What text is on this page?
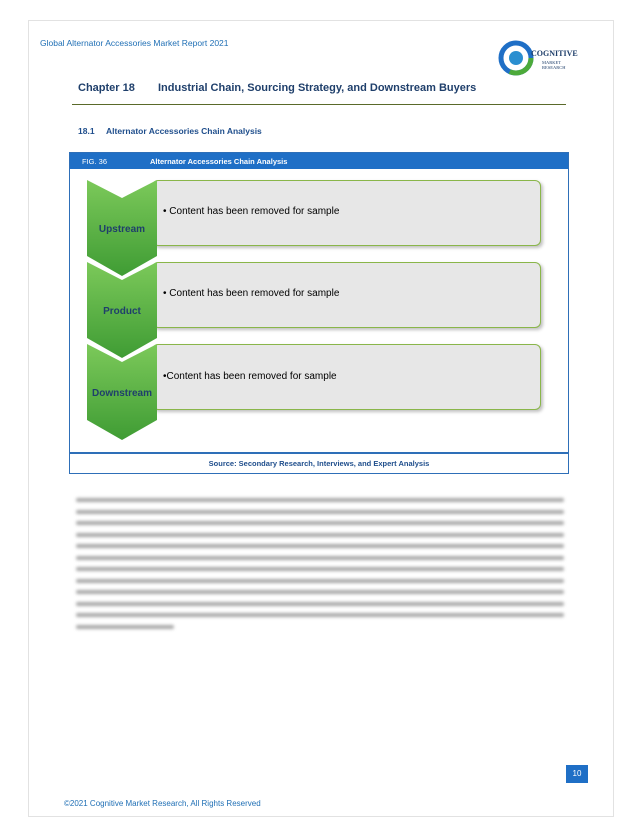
Global Alternator Accessories Market Report 2021
COGNITIVE
MARKET
RESEARCH
Chapter 18 Industrial Chain, Sourcing Strategy, and Downstream Buyers
18.1 Alternator Accessories Chain Analysis
FIG. 36	Alternator Accessories Chain Analysis
• Content has been removed for sample
Upstream
• Content has been removed for sample
Product
•Content has been removed for sample
Downstream
Source: Secondary Research, Interviews, and Expert Analysis
10
©2021 Cognitive Market Research, All Rights Reserved
